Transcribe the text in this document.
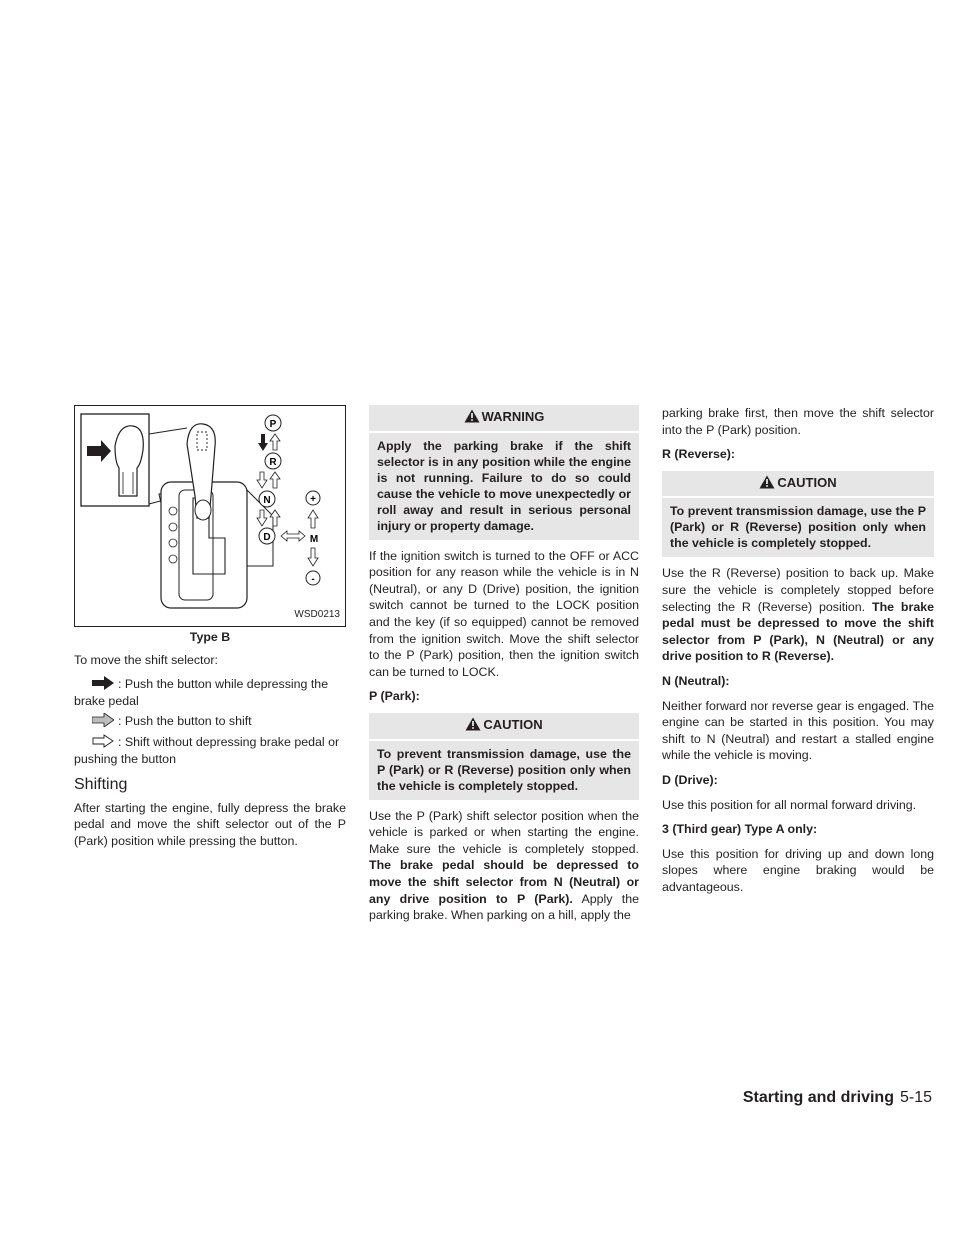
P
R
N
D
+
M
-
WSD0213
Type B

To move the shift selector:

: Push the button while depressing the brake pedal
: Push the button to shift
: Shift without depressing brake pedal or pushing the button
Shifting

After starting the engine, fully depress the brake pedal and move the shift selector out of the P (Park) position while pressing the button.

WARNING
Apply the parking brake if the shift selector is in any position while the engine is not running. Failure to do so could cause the vehicle to move unexpectedly or roll away and result in serious personal injury or property damage.

If the ignition switch is turned to the OFF or ACC position for any reason while the vehicle is in N (Neutral), or any D (Drive) position, the ignition switch cannot be turned to the LOCK position and the key (if so equipped) cannot be removed from the ignition switch. Move the shift selector to the P (Park) position, then the ignition switch can be turned to LOCK.

P (Park):
CAUTION
To prevent transmission damage, use the P (Park) or R (Reverse) position only when the vehicle is completely stopped.

Use the P (Park) shift selector position when the vehicle is parked or when starting the engine. Make sure the vehicle is completely stopped. The brake pedal should be depressed to move the shift selector from N (Neutral) or any drive position to P (Park). Apply the parking brake. When parking on a hill, apply the

parking brake first, then move the shift selector into the P (Park) position.

R (Reverse):
CAUTION
To prevent transmission damage, use the P (Park) or R (Reverse) position only when the vehicle is completely stopped.

Use the R (Reverse) position to back up. Make sure the vehicle is completely stopped before selecting the R (Reverse) position. The brake pedal must be depressed to move the shift selector from P (Park), N (Neutral) or any drive position to R (Reverse).

N (Neutral):

Neither forward nor reverse gear is engaged. The engine can be started in this position. You may shift to N (Neutral) and restart a stalled engine while the vehicle is moving.

D (Drive):

Use this position for all normal forward driving.

3 (Third gear) Type A only:

Use this position for driving up and down long slopes where engine braking would be advantageous.

Starting and driving 5-15
